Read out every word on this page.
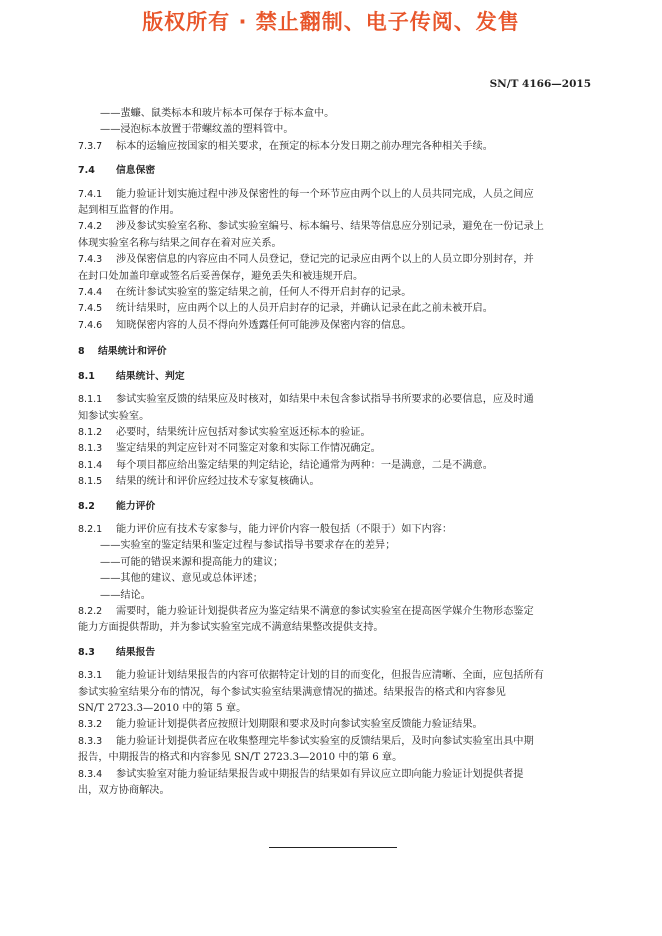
版权所有 · 禁止翻制、电子传阅、发售
SN/T 4166—2015
——蜚蠊、鼠类标本和玻片标本可保存于标本盒中。
——浸泡标本放置于带螺纹盖的塑料管中。
7.3.7 标本的运输应按国家的相关要求，在预定的标本分发日期之前办理完各种相关手续。
7.4 信息保密
7.4.1 能力验证计划实施过程中涉及保密性的每一个环节应由两个以上的人员共同完成，人员之间应
起到相互监督的作用。
7.4.2 涉及参试实验室名称、参试实验室编号、标本编号、结果等信息应分别记录，避免在一份记录上
体现实验室名称与结果之间存在着对应关系。
7.4.3 涉及保密信息的内容应由不同人员登记，登记完的记录应由两个以上的人员立即分别封存，并
在封口处加盖印章或签名后妥善保存，避免丢失和被违规开启。
7.4.4 在统计参试实验室的鉴定结果之前，任何人不得开启封存的记录。
7.4.5 统计结果时，应由两个以上的人员开启封存的记录，并确认记录在此之前未被开启。
7.4.6 知晓保密内容的人员不得向外透露任何可能涉及保密内容的信息。
8 结果统计和评价
8.1 结果统计、判定
8.1.1 参试实验室反馈的结果应及时核对，如结果中未包含参试指导书所要求的必要信息，应及时通
知参试实验室。
8.1.2 必要时，结果统计应包括对参试实验室返还标本的验证。
8.1.3 鉴定结果的判定应针对不同鉴定对象和实际工作情况确定。
8.1.4 每个项目都应给出鉴定结果的判定结论，结论通常为两种：一是满意，二是不满意。
8.1.5 结果的统计和评价应经过技术专家复核确认。
8.2 能力评价
8.2.1 能力评价应有技术专家参与，能力评价内容一般包括（不限于）如下内容：
——实验室的鉴定结果和鉴定过程与参试指导书要求存在的差异；
——可能的错误来源和提高能力的建议；
——其他的建议、意见或总体评述；
——结论。
8.2.2 需要时，能力验证计划提供者应为鉴定结果不满意的参试实验室在提高医学媒介生物形态鉴定
能力方面提供帮助，并为参试实验室完成不满意结果整改提供支持。
8.3 结果报告
8.3.1 能力验证计划结果报告的内容可依据特定计划的目的而变化，但报告应清晰、全面，应包括所有
参试实验室结果分布的情况，每个参试实验室结果满意情况的描述。结果报告的格式和内容参见
SN/T 2723.3—2010 中的第 5 章。
8.3.2 能力验证计划提供者应按照计划期限和要求及时向参试实验室反馈能力验证结果。
8.3.3 能力验证计划提供者应在收集整理完毕参试实验室的反馈结果后，及时向参试实验室出具中期
报告，中期报告的格式和内容参见 SN/T 2723.3—2010 中的第 6 章。
8.3.4 参试实验室对能力验证结果报告或中期报告的结果如有异议应立即向能力验证计划提供者提
出，双方协商解决。
